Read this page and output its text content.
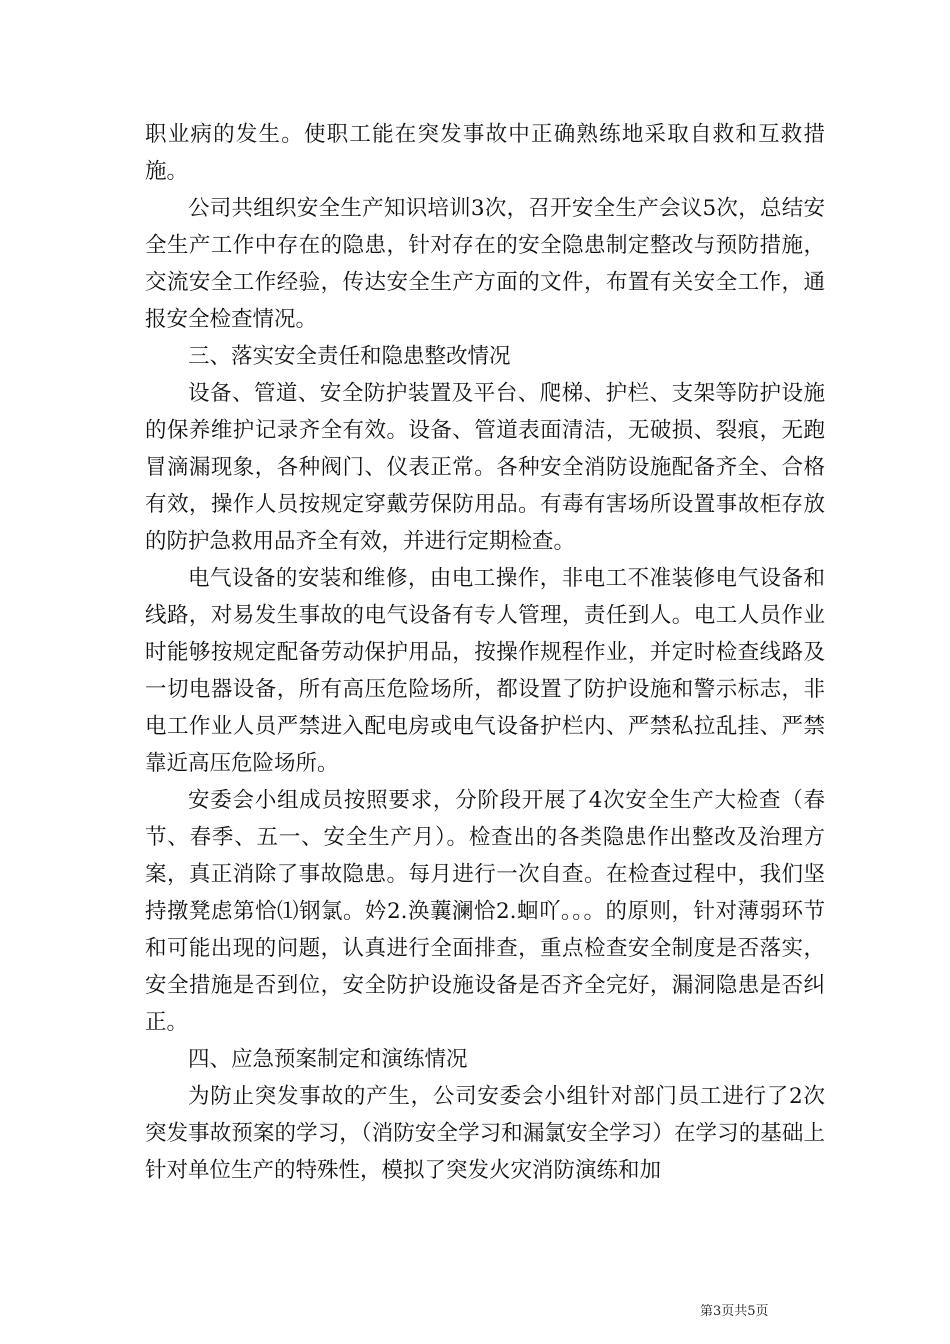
职业病的发生。使职工能在突发事故中正确熟练地采取自救和互救措施。

公司共组织安全生产知识培训3次，召开安全生产会议5次，总结安全生产工作中存在的隐患，针对存在的安全隐患制定整改与预防措施，交流安全工作经验，传达安全生产方面的文件，布置有关安全工作，通报安全检查情况。

三、落实安全责任和隐患整改情况

设备、管道、安全防护装置及平台、爬梯、护栏、支架等防护设施的保养维护记录齐全有效。设备、管道表面清洁，无破损、裂痕，无跑冒滴漏现象，各种阀门、仪表正常。各种安全消防设施配备齐全、合格有效，操作人员按规定穿戴劳保防用品。有毒有害场所设置事故柜存放的防护急救用品齐全有效，并进行定期检查。

电气设备的安装和维修，由电工操作，非电工不准装修电气设备和线路，对易发生事故的电气设备有专人管理，责任到人。电工人员作业时能够按规定配备劳动保护用品，按操作规程作业，并定时检查线路及一切电器设备，所有高压危险场所，都设置了防护设施和警示标志，非电工作业人员严禁进入配电房或电气设备护栏内、严禁私拉乱挂、严禁靠近高压危险场所。

安委会小组成员按照要求，分阶段开展了4次安全生产大检查（春节、春季、五一、安全生产月）。检查出的各类隐患作出整改及治理方案，真正消除了事故隐患。每月进行一次自查。在检查过程中，我们坚持撴凳虑第恰⑴钢氯。妗2.涣蘘澜恰2.蛔吖。。。的原则，针对薄弱环节和可能出现的问题，认真进行全面排查，重点检查安全制度是否落实，安全措施是否到位，安全防护设施设备是否齐全完好，漏洞隐患是否纠正。

四、应急预案制定和演练情况

为防止突发事故的产生，公司安委会小组针对部门员工进行了2次突发事故预案的学习，（消防安全学习和漏氯安全学习）在学习的基础上针对单位生产的特殊性，模拟了突发火灾消防演练和加

第3页共5页
